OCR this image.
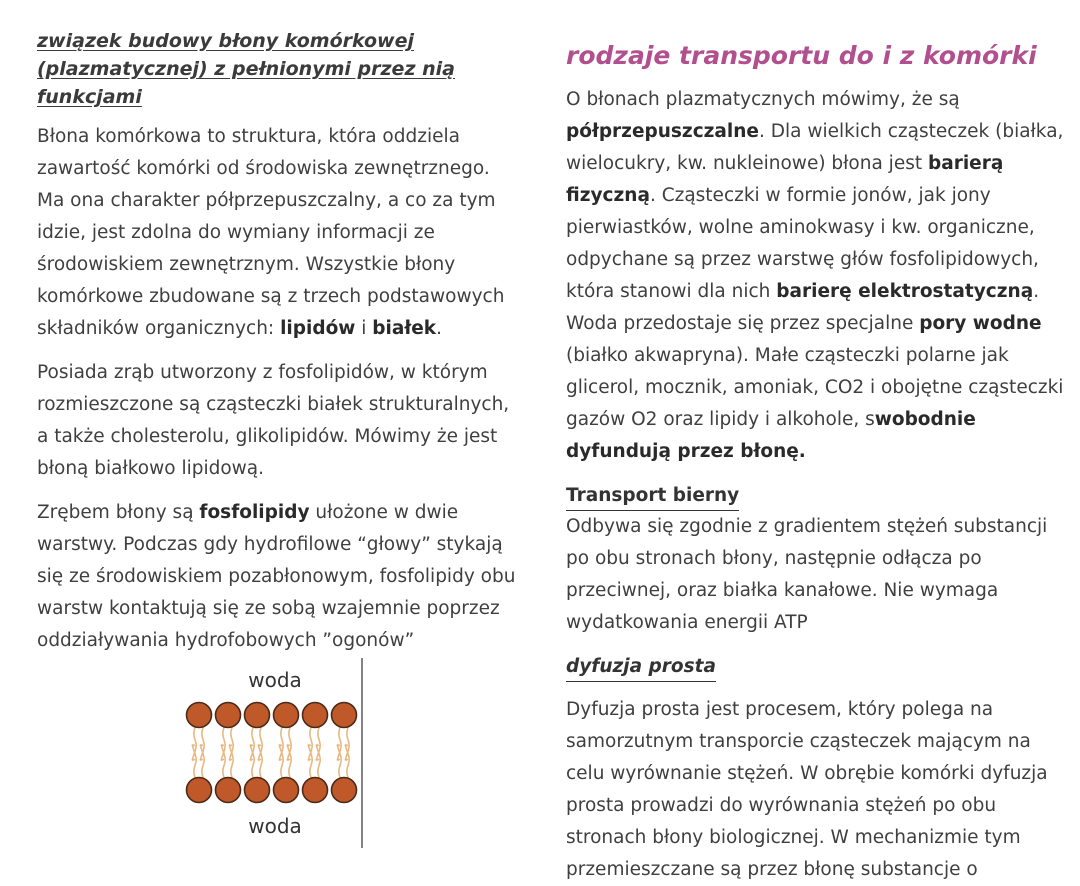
związek budowy błony komórkowej
(plazmatycznej) z pełnionymi przez nią funkcjami

Błona komórkowa to struktura, która oddziela zawartość komórki od środowiska zewnętrznego. Ma ona charakter półprzepuszczalny, a co za tym idzie, jest zdolna do wymiany informacji ze środowiskiem zewnętrznym. Wszystkie błony komórkowe zbudowane są z trzech podstawowych składników organicznych: lipidów i białek.

Posiada zrąb utworzony z fosfolipidów, w którym rozmieszczone są cząsteczki białek strukturalnych, a także cholesterolu, glikolipidów. Mówimy że jest błoną białkowo lipidową.

Zrębem błony są fosfolipidy ułożone w dwie warstwy. Podczas gdy hydrofilowe “głowy” stykają się ze środowiskiem pozabłonowym, fosfolipidy obu warstw kontaktują się ze sobą wzajemnie poprzez oddziaływania hydrofobowych ”ogonów”

woda
woda
rodzaje transportu do i z komórki

O błonach plazmatycznych mówimy, że są półprzepuszczalne. Dla wielkich cząsteczek (białka, wielocukry, kw. nukleinowe) błona jest barierą fizyczną. Cząsteczki w formie jonów, jak jony pierwiastków, wolne aminokwasy i kw. organiczne, odpychane są przez warstwę głów fosfolipidowych, która stanowi dla nich barierę elektrostatyczną. Woda przedostaje się przez specjalne pory wodne (białko akwapryna). Małe cząsteczki polarne jak glicerol, mocznik, amoniak, CO2 i obojętne cząsteczki gazów O2 oraz lipidy i alkohole, swobodnie dyfundują przez błonę.

Transport bierny

Odbywa się zgodnie z gradientem stężeń substancji po obu stronach błony, następnie odłącza po przeciwnej, oraz białka kanałowe. Nie wymaga wydatkowania energii ATP

dyfuzja prosta

Dyfuzja prosta jest procesem, który polega na samorzutnym transporcie cząsteczek mającym na celu wyrównanie stężeń. W obrębie komórki dyfuzja prosta prowadzi do wyrównania stężeń po obu stronach błony biologicznej. W mechanizmie tym przemieszczane są przez błonę substancje o
